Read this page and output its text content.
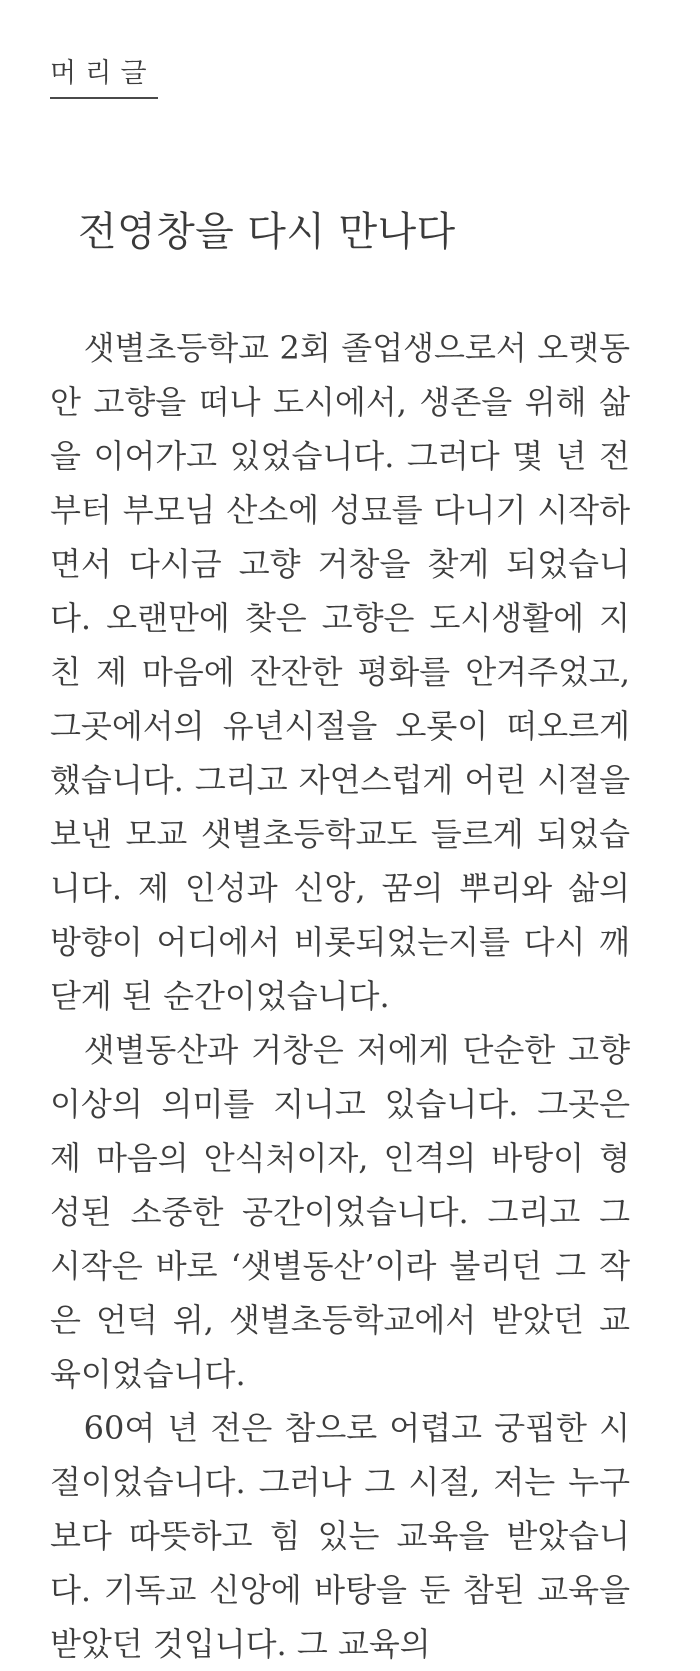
머리글
전영창을 다시 만나다

샛별초등학교 2회 졸업생으로서 오랫동안 고향을 떠나 도시에서, 생존을 위해 삶을 이어가고 있었습니다. 그러다 몇 년 전부터 부모님 산소에 성묘를 다니기 시작하면서 다시금 고향 거창을 찾게 되었습니다. 오랜만에 찾은 고향은 도시생활에 지친 제 마음에 잔잔한 평화를 안겨주었고, 그곳에서의 유년시절을 오롯이 떠오르게 했습니다. 그리고 자연스럽게 어린 시절을 보낸 모교 샛별초등학교도 들르게 되었습니다. 제 인성과 신앙, 꿈의 뿌리와 삶의 방향이 어디에서 비롯되었는지를 다시 깨닫게 된 순간이었습니다.

샛별동산과 거창은 저에게 단순한 고향 이상의 의미를 지니고 있습니다. 그곳은 제 마음의 안식처이자, 인격의 바탕이 형성된 소중한 공간이었습니다. 그리고 그 시작은 바로 ‘샛별동산’이라 불리던 그 작은 언덕 위, 샛별초등학교에서 받았던 교육이었습니다.

60여 년 전은 참으로 어렵고 궁핍한 시절이었습니다. 그러나 그 시절, 저는 누구보다 따뜻하고 힘 있는 교육을 받았습니다. 기독교 신앙에 바탕을 둔 참된 교육을 받았던 것입니다. 그 교육의
